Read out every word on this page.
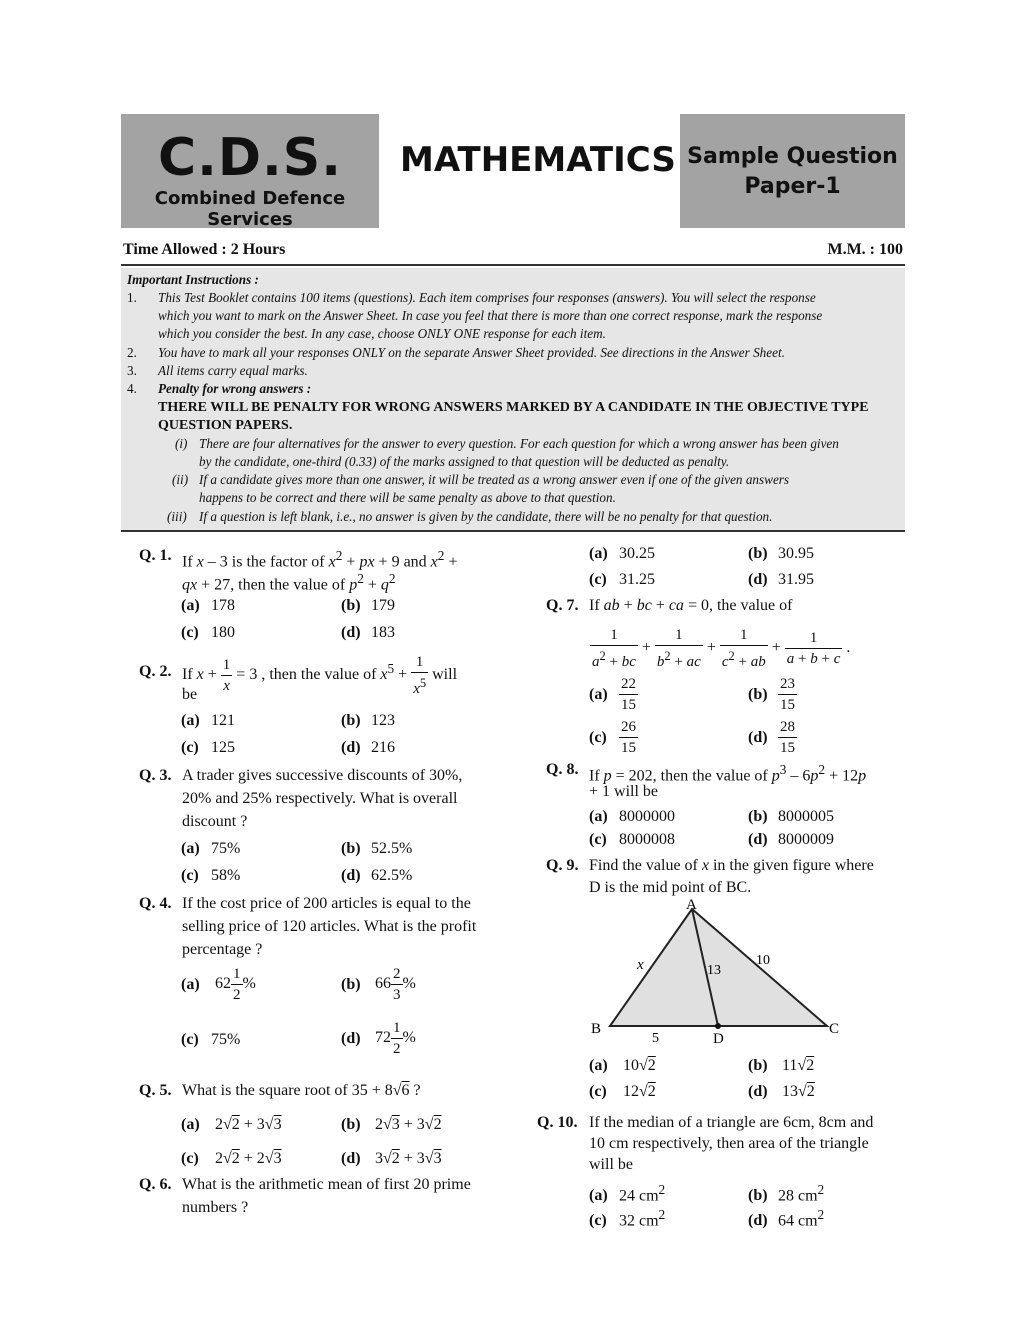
C.D.S.
Combined Defence Services
MATHEMATICS Sample Question
Paper-1
Time Allowed : 2 Hours	M.M. : 100
Important Instructions :
1. This Test Booklet contains 100 items (questions). Each item comprises four responses (answers). You will select the response
which you want to mark on the Answer Sheet. In case you feel that there is more than one correct response, mark the response
which you consider the best. In any case, choose ONLY ONE response for each item.
2. You have to mark all your responses ONLY on the separate Answer Sheet provided. See directions in the Answer Sheet.
3. All items carry equal marks.
4. Penalty for wrong answers :
THERE WILL BE PENALTY FOR WRONG ANSWERS MARKED BY A CANDIDATE IN THE OBJECTIVE TYPE
QUESTION PAPERS.
(i) There are four alternatives for the answer to every question. For each question for which a wrong answer has been given
by the candidate, one-third (0.33) of the marks assigned to that question will be deducted as penalty.
(ii) If a candidate gives more than one answer, it will be treated as a wrong answer even if one of the given answers
happens to be correct and there will be same penalty as above to that question.
(iii) If a question is left blank, i.e., no answer is given by the candidate, there will be no penalty for that question.
Q. 1. If x – 3 is the factor of $x^2$ + px + 9 and $x^2$ +
qx + 27, then the value of $p^2 + q^2$
(a) 178	(b) 179
(c) 180	(d) 183
Q. 2. If $x + \frac{1}{x} = 3$ , then the value of $x^5 + \frac{1}{x^5}$ will
be
(a) 121	(b) 123
(c) 125	(d) 216
Q. 3. A trader gives successive discounts of 30%,
20% and 25% respectively. What is overall
discount ?
(a) 75%	(b) 52.5%
(c) 58%	(d) 62.5%
Q. 4. If the cost price of 200 articles is equal to the
selling price of 120 articles. What is the profit
percentage ?
(a) $62 \frac{1}{2}$ %	(b) $66 \frac{2}{3}$ %
(c) 75%	(d) $72 \frac{1}{2}$ %
Q. 5. What is the square root of 35 + 8√6 ?
(a) 2√2 + 3√3	(b) 2√3 + 3√2
(c) 2√2 + 2√3	(d) 3√2 + 3√3
Q. 6. What is the arithmetic mean of first 20 prime
numbers ?
(a) 30.25	(b) 30.95
(c) 31.25	(d) 31.95
Q. 7. If ab + bc + ca = 0, the value of
$\frac{1}{a^2 + bc} + \frac{1}{b^2 + ac} + \frac{1}{c^2 + ab} + \frac{1}{a + b + c}$ .
$(a) \frac{22}{15}$	$(b) \frac{23}{15}$
$(c) \frac{26}{15}$	$(d) \frac{28}{15}$
Q. 8. If p = 202, then the value of $p^3 - 6p^2 + 12p$
+ 1 will be
(a) 8000000	(b) 8000005
(c) 8000008	(d) 8000009
Q. 9. Find the value of x in the given figure where
D is the mid point of BC.
A
B	C
D
x	13
10
5
(a) 10√2	(b) 11√2
(c) 12√2	(d) 13√2
Q. 10. If the median of a triangle are 6cm, 8cm and
10 cm respectively, then area of the triangle
will be
(a) 24 $cm^2$	(b) 28 $cm^2$
(c) 32 $cm^2$	(d) 64 $cm^2$
